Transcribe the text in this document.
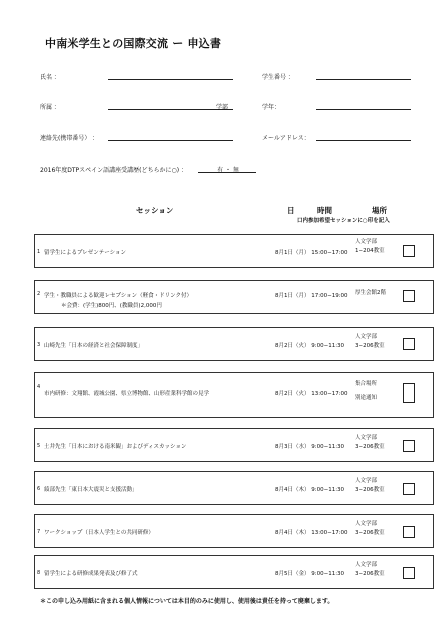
中南米学生との国際交流 ー 申込書
氏名 ：	学生番号 ：
所属 ：	学部	学年：
連絡先(携帯番号） ：	メールアドレス：
2016年度DTPスペイン語講座受講歴(どちらかに○) ：	有 ・ 無
セッション	日	時間	場所
口内参加希望セッションに○印を記入
1 留学生によるプレゼンテーション	8月1日（月） 15:00−17:00
人文学部
1−204教室
2 学生・教職員による歓迎レセプション（軽食・ドリンク付）
＊会費：(学生)800円、(教職員)2,000円
8月1日（月） 17:00−19:00 厚生会館2階
3 山崎先生「日本の経済と社会保障制度」	8月2日（火） 9:00−11:30
人文学部
3−206教室
4
市内研修：文翔館、霞城公園、県立博物館、山形産業科学館の見学	8月2日（火） 13:00−17:00
集合場所
別途通知
5 土井先生「日本における南米観」およびディスカッション	8月3日（水） 9:00−11:30
人文学部
3−206教室
6 綾部先生「東日本大震災と支援活動」	8月4日（木） 9:00−11:30
人文学部
3−206教室
7 ワークショップ（日本人学生との共同研修）	8月4日（木） 13:00−17:00
人文学部
3−206教室
8 留学生による研修成果発表及び修了式	8月5日（金） 9:00−11:30
人文学部
3−206教室
＊この申し込み用紙に含まれる個人情報については本目的のみに使用し、使用後は責任を持って廃棄します。
